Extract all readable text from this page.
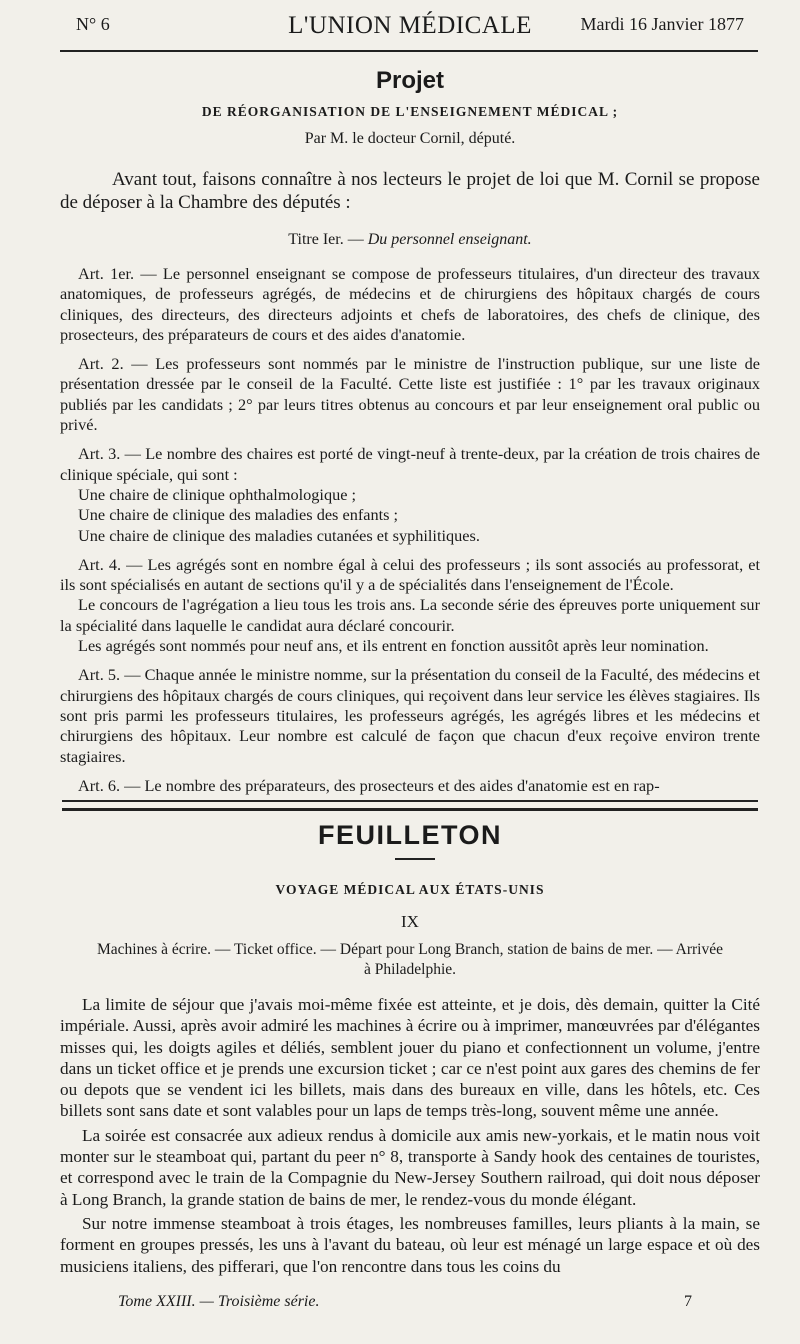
N° 6	L'UNION MÉDICALE	Mardi 16 Janvier 1877

Projet

DE RÉORGANISATION DE L'ENSEIGNEMENT MÉDICAL ;

Par M. le docteur Cornil, député.

Avant tout, faisons connaître à nos lecteurs le projet de loi que M. Cornil se propose de déposer à la Chambre des députés :

Titre Ier. — Du personnel enseignant.

Art. 1er. — Le personnel enseignant se compose de professeurs titulaires, d'un directeur des travaux anatomiques, de professeurs agrégés, de médecins et de chirurgiens des hôpitaux chargés de cours cliniques, des directeurs, des directeurs adjoints et chefs de laboratoires, des chefs de clinique, des prosecteurs, des préparateurs de cours et des aides d'anatomie.

Art. 2. — Les professeurs sont nommés par le ministre de l'instruction publique, sur une liste de présentation dressée par le conseil de la Faculté. Cette liste est justifiée : 1° par les travaux originaux publiés par les candidats ; 2° par leurs titres obtenus au concours et par leur enseignement oral public ou privé.

Art. 3. — Le nombre des chaires est porté de vingt-neuf à trente-deux, par la création de trois chaires de clinique spéciale, qui sont :

Une chaire de clinique ophthalmologique ;

Une chaire de clinique des maladies des enfants ;

Une chaire de clinique des maladies cutanées et syphilitiques.

Art. 4. — Les agrégés sont en nombre égal à celui des professeurs ; ils sont associés au professorat, et ils sont spécialisés en autant de sections qu'il y a de spécialités dans l'enseignement de l'École.

Le concours de l'agrégation a lieu tous les trois ans. La seconde série des épreuves porte uniquement sur la spécialité dans laquelle le candidat aura déclaré concourir.

Les agrégés sont nommés pour neuf ans, et ils entrent en fonction aussitôt après leur nomination.

Art. 5. — Chaque année le ministre nomme, sur la présentation du conseil de la Faculté, des médecins et chirurgiens des hôpitaux chargés de cours cliniques, qui reçoivent dans leur service les élèves stagiaires. Ils sont pris parmi les professeurs titulaires, les professeurs agrégés, les agrégés libres et les médecins et chirurgiens des hôpitaux. Leur nombre est calculé de façon que chacun d'eux reçoive environ trente stagiaires.

Art. 6. — Le nombre des préparateurs, des prosecteurs et des aides d'anatomie est en rap-

FEUILLETON
VOYAGE MÉDICAL AUX ÉTATS-UNIS
IX
Machines à écrire. — Ticket office. — Départ pour Long Branch, station de bains de mer. — Arrivée
à Philadelphie.

La limite de séjour que j'avais moi-même fixée est atteinte, et je dois, dès demain, quitter la Cité impériale. Aussi, après avoir admiré les machines à écrire ou à imprimer, manœuvrées par d'élégantes misses qui, les doigts agiles et déliés, semblent jouer du piano et confectionnent un volume, j'entre dans un ticket office et je prends une excursion ticket ; car ce n'est point aux gares des chemins de fer ou depots que se vendent ici les billets, mais dans des bureaux en ville, dans les hôtels, etc. Ces billets sont sans date et sont valables pour un laps de temps très-long, souvent même une année.

La soirée est consacrée aux adieux rendus à domicile aux amis new-yorkais, et le matin nous voit monter sur le steamboat qui, partant du peer n° 8, transporte à Sandy hook des centaines de touristes, et correspond avec le train de la Compagnie du New-Jersey Southern railroad, qui doit nous déposer à Long Branch, la grande station de bains de mer, le rendez-vous du monde élégant.

Sur notre immense steamboat à trois étages, les nombreuses familles, leurs pliants à la main, se forment en groupes pressés, les uns à l'avant du bateau, où leur est ménagé un large espace et où des musiciens italiens, des pifferari, que l'on rencontre dans tous les coins du

Tome XXIII. — Troisième série.	7
